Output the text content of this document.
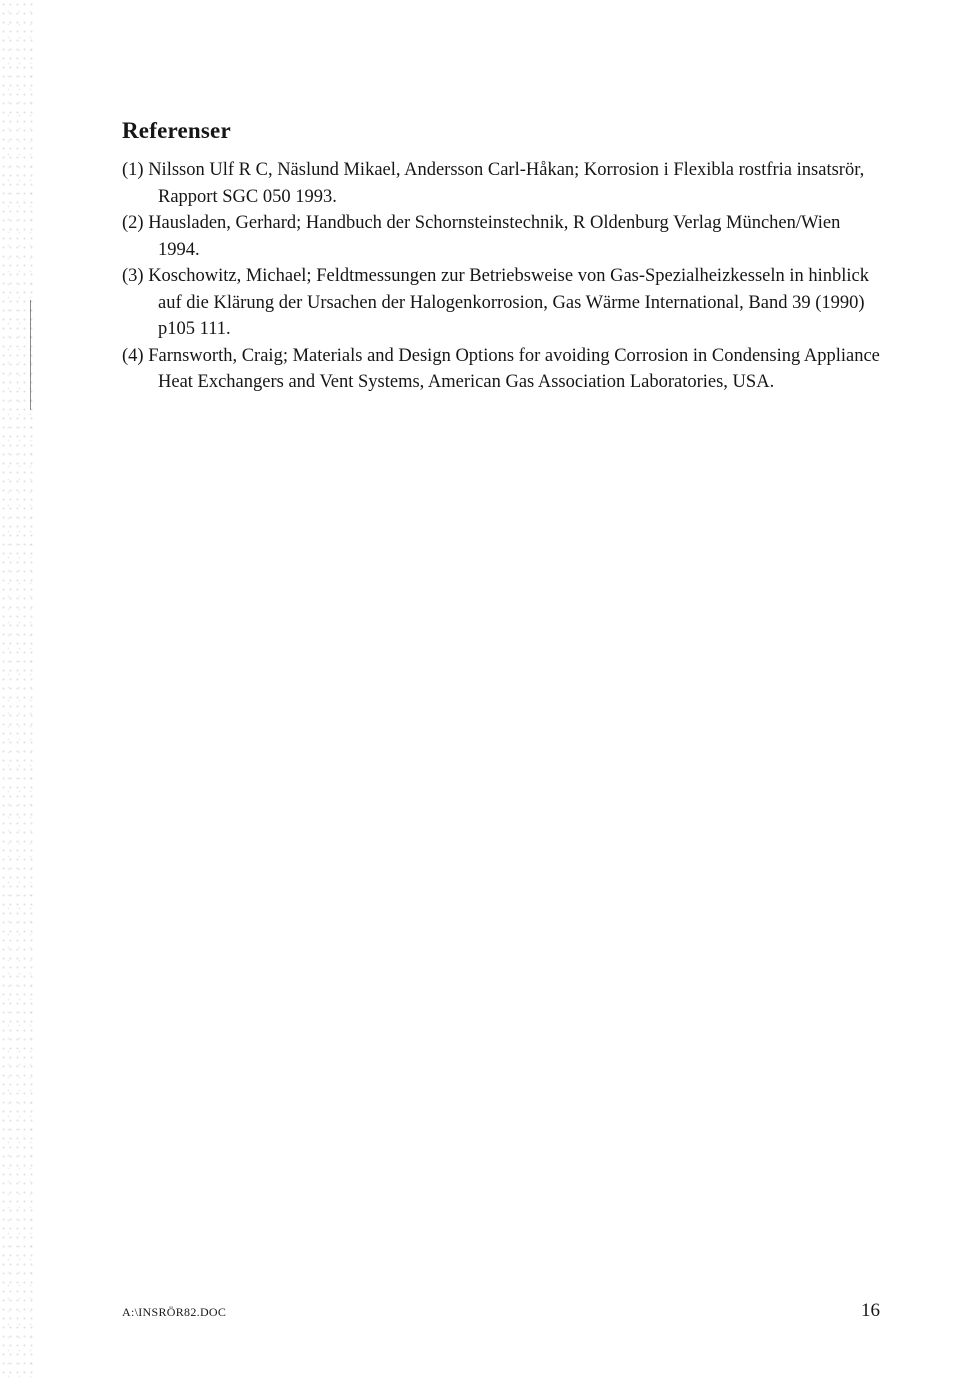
Referenser
(1) Nilsson Ulf R C, Näslund Mikael, Andersson Carl-Håkan; Korrosion i Flexibla rostfria insatsrör, Rapport SGC 050 1993.
(2) Hausladen, Gerhard; Handbuch der Schornsteinstechnik, R Oldenburg Verlag München/Wien 1994.
(3) Koschowitz, Michael; Feldtmessungen zur Betriebsweise von Gas-Spezialheizkesseln in hinblick auf die Klärung der Ursachen der Halogenkorrosion, Gas Wärme International, Band 39 (1990) p105 111.
(4) Farnsworth, Craig; Materials and Design Options for avoiding Corrosion in Condensing Appliance Heat Exchangers and Vent Systems, American Gas Association Laboratories, USA.
A:\INSRÖR82.DOC	16
